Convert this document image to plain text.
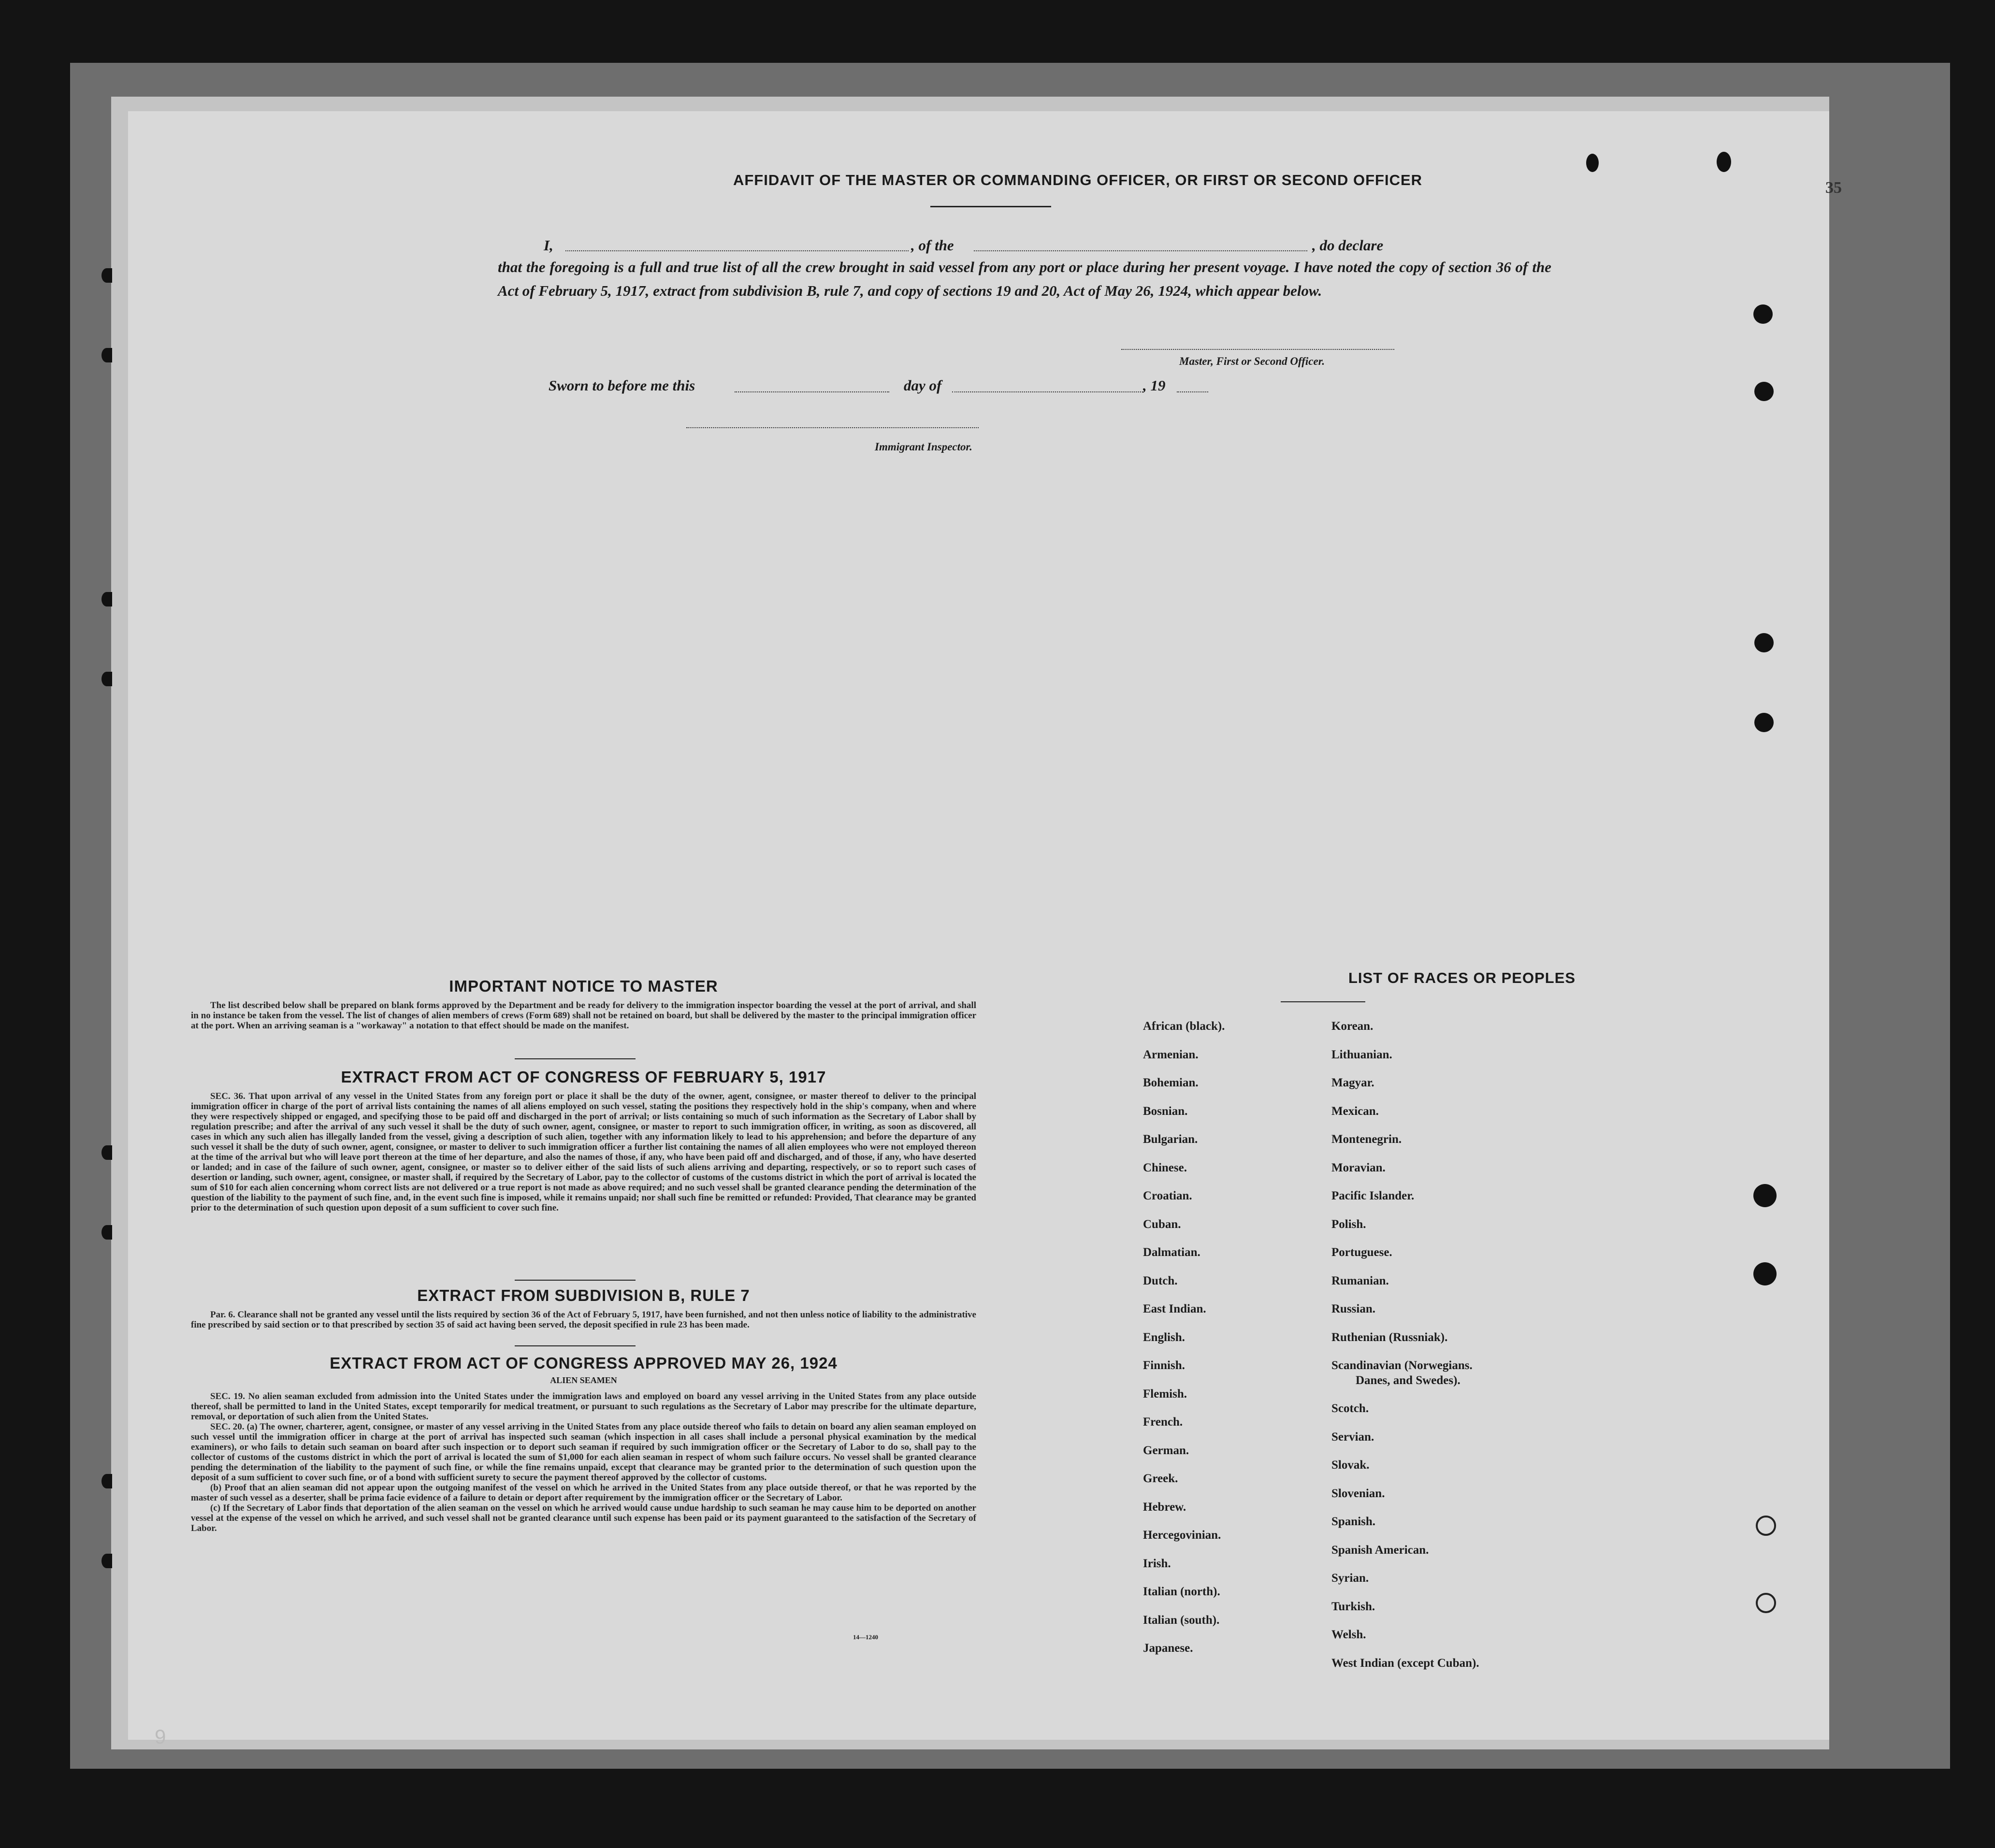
AFFIDAVIT OF THE MASTER OR COMMANDING OFFICER, OR FIRST OR SECOND OFFICER
I,	, of the	, do declare
that the foregoing is a full and true list of all the crew brought in said vessel from any port or place during her present voyage. I have noted the copy of section 36 of the Act of February 5, 1917, extract from subdivision B, rule 7, and copy of sections 19 and 20, Act of May 26, 1924, which appear below.
Master, First or Second Officer.
Sworn to before me this	day of	, 19
Immigrant Inspector.
IMPORTANT NOTICE TO MASTER
The list described below shall be prepared on blank forms approved by the Department and be ready for delivery to the immigration inspector boarding the vessel at the port of arrival, and shall in no instance be taken from the vessel. The list of changes of alien members of crews (Form 689) shall not be retained on board, but shall be delivered by the master to the principal immigration officer at the port. When an arriving seaman is a "workaway" a notation to that effect should be made on the manifest.
EXTRACT FROM ACT OF CONGRESS OF FEBRUARY 5, 1917
SEC. 36. That upon arrival of any vessel in the United States from any foreign port or place it shall be the duty of the owner, agent, consignee, or master thereof to deliver to the principal immigration officer in charge of the port of arrival lists containing the names of all aliens employed on such vessel, stating the positions they respectively hold in the ship's company, when and where they were respectively shipped or engaged, and specifying those to be paid off and discharged in the port of arrival; or lists containing so much of such information as the Secretary of Labor shall by regulation prescribe; and after the arrival of any such vessel it shall be the duty of such owner, agent, consignee, or master to report to such immigration officer, in writing, as soon as discovered, all cases in which any such alien has illegally landed from the vessel, giving a description of such alien, together with any information likely to lead to his apprehension; and before the departure of any such vessel it shall be the duty of such owner, agent, consignee, or master to deliver to such immigration officer a further list containing the names of all alien employees who were not employed thereon at the time of the arrival but who will leave port thereon at the time of her departure, and also the names of those, if any, who have been paid off and discharged, and of those, if any, who have deserted or landed; and in case of the failure of such owner, agent, consignee, or master so to deliver either of the said lists of such aliens arriving and departing, respectively, or so to report such cases of desertion or landing, such owner, agent, consignee, or master shall, if required by the Secretary of Labor, pay to the collector of customs of the customs district in which the port of arrival is located the sum of $10 for each alien concerning whom correct lists are not delivered or a true report is not made as above required; and no such vessel shall be granted clearance pending the determination of the question of the liability to the payment of such fine, and, in the event such fine is imposed, while it remains unpaid; nor shall such fine be remitted or refunded: Provided, That clearance may be granted prior to the determination of such question upon deposit of a sum sufficient to cover such fine.
EXTRACT FROM SUBDIVISION B, RULE 7
Par. 6. Clearance shall not be granted any vessel until the lists required by section 36 of the Act of February 5, 1917, have been furnished, and not then unless notice of liability to the administrative fine prescribed by said section or to that prescribed by section 35 of said act having been served, the deposit specified in rule 23 has been made.
EXTRACT FROM ACT OF CONGRESS APPROVED MAY 26, 1924
ALIEN SEAMEN
SEC. 19. No alien seaman excluded from admission into the United States under the immigration laws and employed on board any vessel arriving in the United States from any place outside thereof, shall be permitted to land in the United States, except temporarily for medical treatment, or pursuant to such regulations as the Secretary of Labor may prescribe for the ultimate departure, removal, or deportation of such alien from the United States.
SEC. 20. (a) The owner, charterer, agent, consignee, or master of any vessel arriving in the United States from any place outside thereof who fails to detain on board any alien seaman employed on such vessel until the immigration officer in charge at the port of arrival has inspected such seaman (which inspection in all cases shall include a personal physical examination by the medical examiners), or who fails to detain such seaman on board after such inspection or to deport such seaman if required by such immigration officer or the Secretary of Labor to do so, shall pay to the collector of customs of the customs district in which the port of arrival is located the sum of $1,000 for each alien seaman in respect of whom such failure occurs. No vessel shall be granted clearance pending the determination of the liability to the payment of such fine, or while the fine remains unpaid, except that clearance may be granted prior to the determination of such question upon the deposit of a sum sufficient to cover such fine, or of a bond with sufficient surety to secure the payment thereof approved by the collector of customs.
(b) Proof that an alien seaman did not appear upon the outgoing manifest of the vessel on which he arrived in the United States from any place outside thereof, or that he was reported by the master of such vessel as a deserter, shall be prima facie evidence of a failure to detain or deport after requirement by the immigration officer or the Secretary of Labor.
(c) If the Secretary of Labor finds that deportation of the alien seaman on the vessel on which he arrived would cause undue hardship to such seaman he may cause him to be deported on another vessel at the expense of the vessel on which he arrived, and such vessel shall not be granted clearance until such expense has been paid or its payment guaranteed to the satisfaction of the Secretary of Labor.
14—1240
LIST OF RACES OR PEOPLES
African (black).
Armenian.
Bohemian.
Bosnian.
Bulgarian.
Chinese.
Croatian.
Cuban.
Dalmatian.
Dutch.
East Indian.
English.
Finnish.
Flemish.
French.
German.
Greek.
Hebrew.
Hercegovinian.
Irish.
Italian (north).
Italian (south).
Japanese.
Korean.
Lithuanian.
Magyar.
Mexican.
Montenegrin.
Moravian.
Pacific Islander.
Polish.
Portuguese.
Rumanian.
Russian.
Ruthenian (Russniak).
Scandinavian (Norwegians.
Danes, and Swedes).
Scotch.
Servian.
Slovak.
Slovenian.
Spanish.
Spanish American.
Syrian.
Turkish.
Welsh.
West Indian (except Cuban).
35
9
